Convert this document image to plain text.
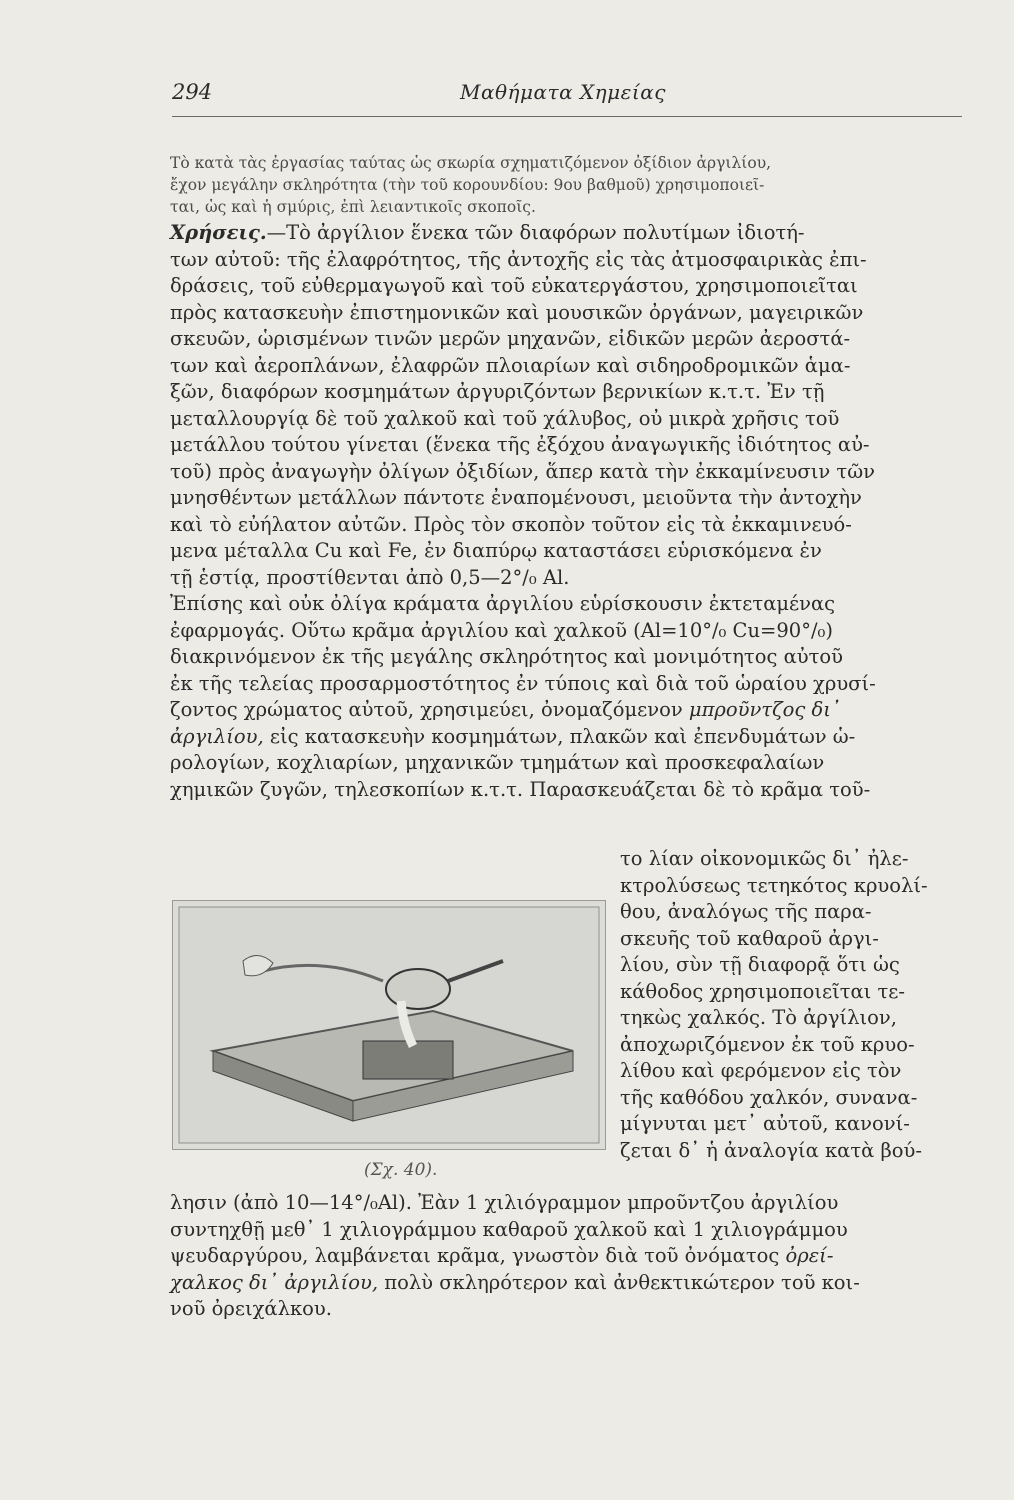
294	Μαθήματα Χημείας
Τὸ κατὰ τὰς ἐργασίας ταύτας ὡς σκωρία σχηματιζόμενον ὀξίδιον ἀργιλίου,
ἔχον μεγάλην σκληρότητα (τὴν τοῦ κορουνδίου: 9ου βαθμοῦ) χρησιμοποιεῖ-
ται, ὡς καὶ ἡ σμύρις, ἐπὶ λειαντικοῖς σκοποῖς.
Χρήσεις.—Τὸ ἀργίλιον ἕνεκα τῶν διαφόρων πολυτίμων ἰδιοτή-
των αὐτοῦ: τῆς ἐλαφρότητος, τῆς ἀντοχῆς εἰς τὰς ἀτμοσφαιρικὰς ἐπι-
δράσεις, τοῦ εὐθερμαγωγοῦ καὶ τοῦ εὐκατεργάστου, χρησιμοποιεῖται
πρὸς κατασκευὴν ἐπιστημονικῶν καὶ μουσικῶν ὀργάνων, μαγειρικῶν
σκευῶν, ὡρισμένων τινῶν μερῶν μηχανῶν, εἰδικῶν μερῶν ἀεροστά-
των καὶ ἀεροπλάνων, ἐλαφρῶν πλοιαρίων καὶ σιδηροδρομικῶν ἁμα-
ξῶν, διαφόρων κοσμημάτων ἀργυριζόντων βερνικίων κ.τ.τ. Ἐν τῇ
μεταλλουργίᾳ δὲ τοῦ χαλκοῦ καὶ τοῦ χάλυβος, οὐ μικρὰ χρῆσις τοῦ
μετάλλου τούτου γίνεται (ἕνεκα τῆς ἐξόχου ἀναγωγικῆς ἰδιότητος αὐ-
τοῦ) πρὸς ἀναγωγὴν ὀλίγων ὀξιδίων, ἅπερ κατὰ τὴν ἐκκαμίνευσιν τῶν
μνησθέντων μετάλλων πάντοτε ἐναπομένουσι, μειοῦντα τὴν ἀντοχὴν
καὶ τὸ εὐήλατον αὐτῶν. Πρὸς τὸν σκοπὸν τοῦτον εἰς τὰ ἐκκαμινευό-
μενα μέταλλα Cu καὶ Fe, ἐν διαπύρῳ καταστάσει εὑρισκόμενα ἐν
τῇ ἑστίᾳ, προστίθενται ἀπὸ 0,5—2°/₀ Al.
Ἐπίσης καὶ οὐκ ὀλίγα κράματα ἀργιλίου εὑρίσκουσιν ἐκτεταμένας
ἐφαρμογάς. Οὕτω κρᾶμα ἀργιλίου καὶ χαλκοῦ (Al=10°/₀ Cu=90°/₀)
διακρινόμενον ἐκ τῆς μεγάλης σκληρότητος καὶ μονιμότητος αὐτοῦ
ἐκ τῆς τελείας προσαρμοστότητος ἐν τύποις καὶ διὰ τοῦ ὡραίου χρυσί-
ζοντος χρώματος αὐτοῦ, χρησιμεύει, ὀνομαζόμενον μπροῦντζος δι᾽
ἀργιλίου, εἰς κατασκευὴν κοσμημάτων, πλακῶν καὶ ἐπενδυμάτων ὡ-
ρολογίων, κοχλιαρίων, μηχανικῶν τμημάτων καὶ προσκεφαλαίων
χημικῶν ζυγῶν, τηλεσκοπίων κ.τ.τ. Παρασκευάζεται δὲ τὸ κρᾶμα τοῦ-
το λίαν οἰκονομικῶς δι᾽ ἠλε-
κτρολύσεως τετηκότος κρυολί-
θου, ἀναλόγως τῆς παρα-
σκευῆς τοῦ καθαροῦ ἀργι-
λίου, σὺν τῇ διαφορᾷ ὅτι ὡς
κάθοδος χρησιμοποιεῖται τε-
τηκὼς χαλκός. Τὸ ἀργίλιον,
ἀποχωριζόμενον ἐκ τοῦ κρυο-
λίθου καὶ φερόμενον εἰς τὸν
τῆς καθόδου χαλκόν, συνανα-
μίγνυται μετ᾽ αὐτοῦ, κανονί-
ζεται δ᾽ ἡ ἀναλογία κατὰ βού-
(Σχ. 40).
λησιν (ἀπὸ 10—14°/₀Al). Ἐὰν 1 χιλιόγραμμον μπροῦντζου ἀργιλίου
συντηχθῇ μεθ᾽ 1 χιλιογράμμου καθαροῦ χαλκοῦ καὶ 1 χιλιογράμμου
ψευδαργύρου, λαμβάνεται κρᾶμα, γνωστὸν διὰ τοῦ ὀνόματος ὀρεί-
χαλκος δι᾽ ἀργιλίου, πολὺ σκληρότερον καὶ ἀνθεκτικώτερον τοῦ κοι-
νοῦ ὀρειχάλκου.
